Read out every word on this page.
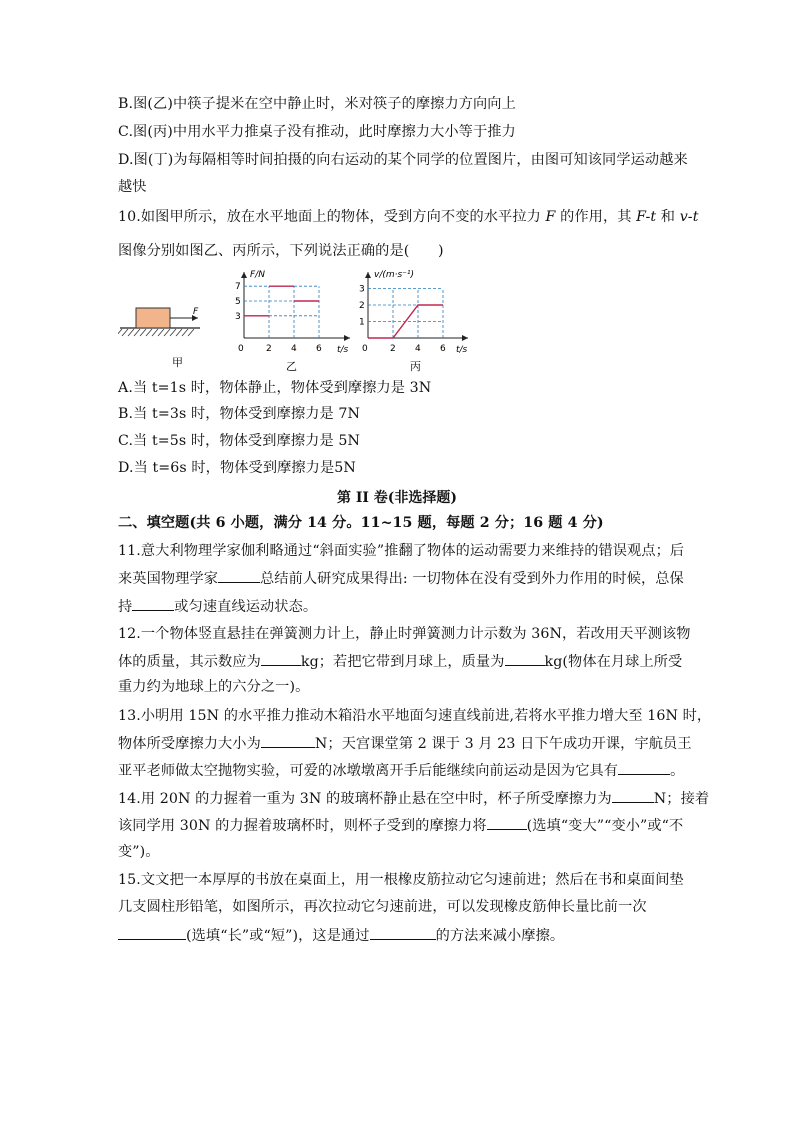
B.图(乙)中筷子提米在空中静止时，米对筷子的摩擦力方向向上
C.图(丙)中用水平力推桌子没有推动，此时摩擦力大小等于推力
D.图(丁)为每隔相等时间拍摄的向右运动的某个同学的位置图片，由图可知该同学运动越来
越快
10.如图甲所示，放在水平地面上的物体，受到方向不变的水平拉力 F 的作用，其 F-t 和 v-t
图像分别如图乙、丙所示，下列说法正确的是(　　)
F
甲
F/N
t/s
0
3
5
7
2 4 6
乙
v/(m·s⁻¹)
t/s
0
1
2
3
2 4 6
丙
A.当 t=1s 时，物体静止，物体受到摩擦力是 3N
B.当 t=3s 时，物体受到摩擦力是 7N
C.当 t=5s 时，物体受到摩擦力是 5N
D.当 t=6s 时，物体受到摩擦力是5N
第 II 卷(非选择题)
二、填空题(共 6 小题，满分 14 分。11~15 题，每题 2 分；16 题 4 分)
11.意大利物理学家伽利略通过“斜面实验”推翻了物体的运动需要力来维持的错误观点；后
来英国物理学家	总结前人研究成果得出: 一切物体在没有受到外力作用的时候，总保
持	或匀速直线运动状态。
12.一个物体竖直悬挂在弹簧测力计上，静止时弹簧测力计示数为 36N，若改用天平测该物
体的质量，其示数应为	kg；若把它带到月球上，质量为	kg(物体在月球上所受
重力约为地球上的六分之一)。
13.小明用 15N 的水平推力推动木箱沿水平地面匀速直线前进,若将水平推力增大至 16N 时，
物体所受摩擦力大小为	N；天宫课堂第 2 课于 3 月 23 日下午成功开课，宇航员王
亚平老师做太空抛物实验，可爱的冰墩墩离开手后能继续向前运动是因为它具有	。
14.用 20N 的力握着一重为 3N 的玻璃杯静止悬在空中时，杯子所受摩擦力为	N；接着
该同学用 30N 的力握着玻璃杯时，则杯子受到的摩擦力将	(选填“变大”“变小”或“不
变”)。
15.文文把一本厚厚的书放在桌面上，用一根橡皮筋拉动它匀速前进；然后在书和桌面间垫
几支圆柱形铅笔，如图所示，再次拉动它匀速前进，可以发现橡皮筋伸长量比前一次
(选填“长”或“短”)，这是通过	的方法来减小摩擦。
